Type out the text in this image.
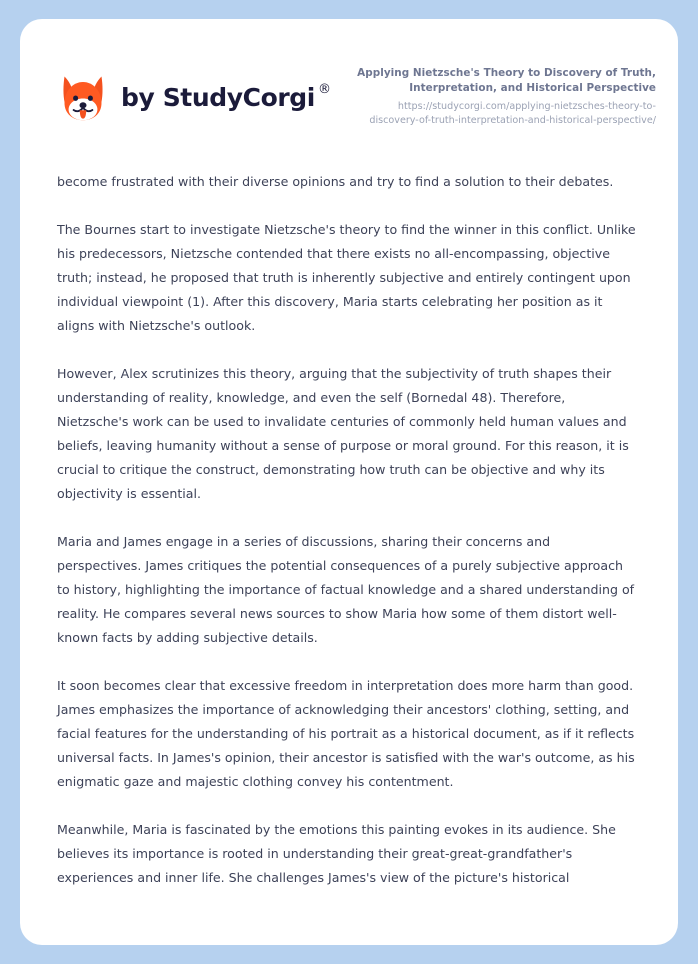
by StudyCorgi ®

Applying Nietzsche's Theory to Discovery of Truth, Interpretation, and Historical Perspective

https://studycorgi.com/applying-nietzsches-theory-to-discovery-of-truth-interpretation-and-historical-perspective/

become frustrated with their diverse opinions and try to find a solution to their debates.

The Bournes start to investigate Nietzsche's theory to find the winner in this conflict. Unlike his predecessors, Nietzsche contended that there exists no all-encompassing, objective truth; instead, he proposed that truth is inherently subjective and entirely contingent upon individual viewpoint (1). After this discovery, Maria starts celebrating her position as it aligns with Nietzsche's outlook.

However, Alex scrutinizes this theory, arguing that the subjectivity of truth shapes their understanding of reality, knowledge, and even the self (Bornedal 48). Therefore, Nietzsche's work can be used to invalidate centuries of commonly held human values and beliefs, leaving humanity without a sense of purpose or moral ground. For this reason, it is crucial to critique the construct, demonstrating how truth can be objective and why its objectivity is essential.

Maria and James engage in a series of discussions, sharing their concerns and perspectives. James critiques the potential consequences of a purely subjective approach to history, highlighting the importance of factual knowledge and a shared understanding of reality. He compares several news sources to show Maria how some of them distort well-known facts by adding subjective details.

It soon becomes clear that excessive freedom in interpretation does more harm than good. James emphasizes the importance of acknowledging their ancestors' clothing, setting, and facial features for the understanding of his portrait as a historical document, as if it reflects universal facts. In James's opinion, their ancestor is satisfied with the war's outcome, as his enigmatic gaze and majestic clothing convey his contentment.

Meanwhile, Maria is fascinated by the emotions this painting evokes in its audience. She believes its importance is rooted in understanding their great-great-grandfather's experiences and inner life. She challenges James's view of the picture's historical
